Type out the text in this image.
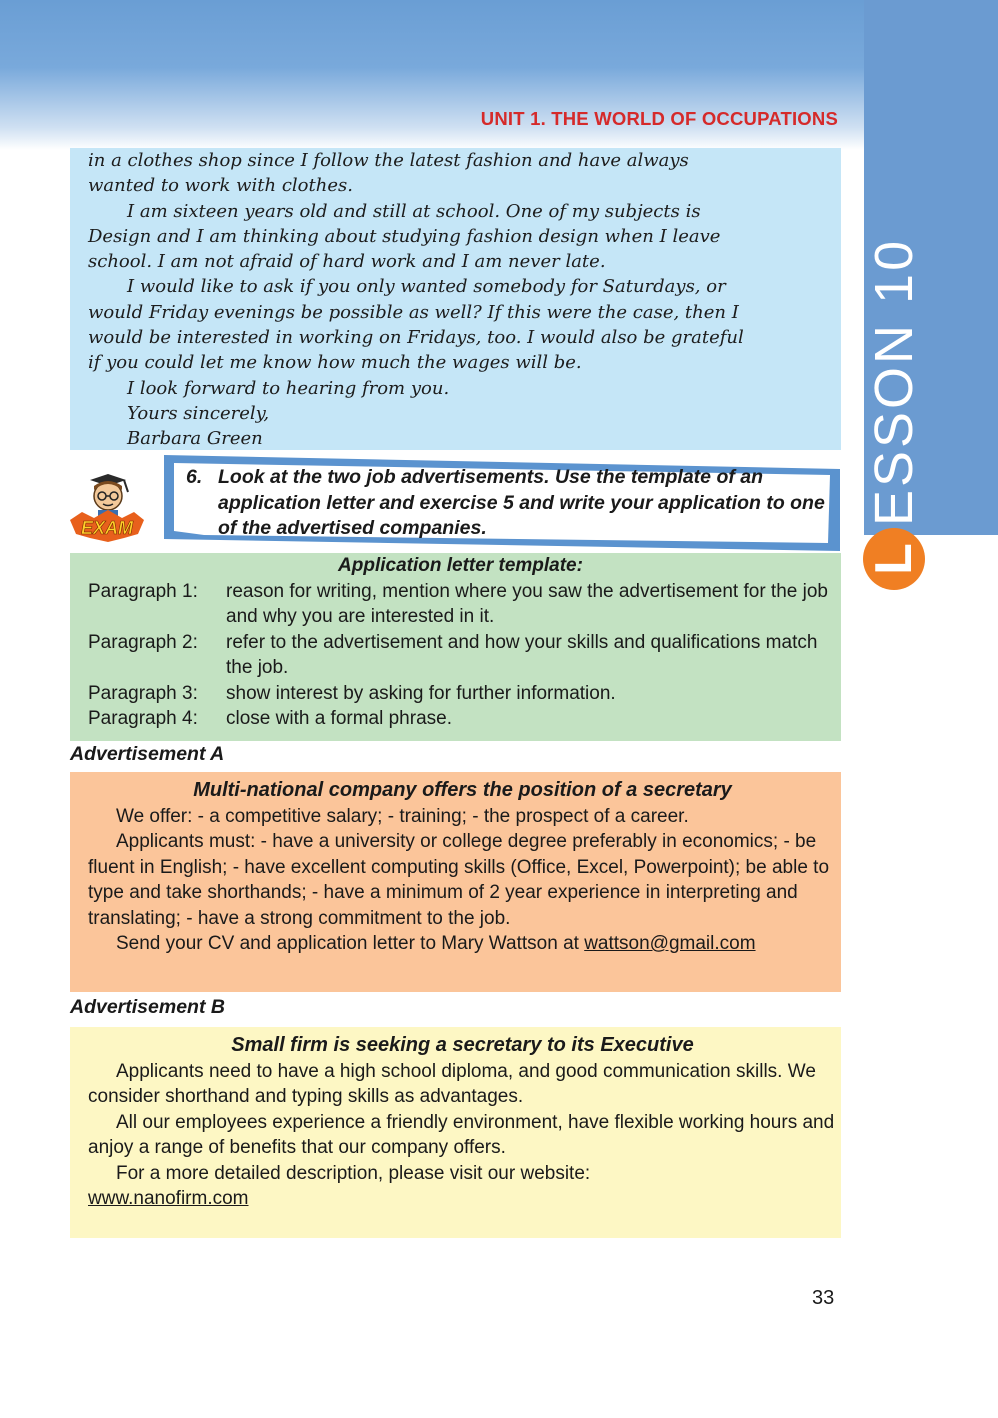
UNIT 1. THE WORLD OF OCCUPATIONS
LESSON 10

in a clothes shop since I follow the latest fashion and have always

wanted to work with clothes.

I am sixteen years old and still at school. One of my subjects is

Design and I am thinking about studying fashion design when I leave

school. I am not afraid of hard work and I am never late.

I would like to ask if you only wanted somebody for Saturdays, or

would Friday evenings be possible as well? If this were the case, then I

would be interested in working on Fridays, too. I would also be grateful

if you could let me know how much the wages will be.

I look forward to hearing from you.

Yours sincerely,

Barbara Green

EXAM
6. Look at the two job advertisements. Use the template of an application letter and exercise 5 and write your application to one of the advertised companies.
Application letter template:
Paragraph 1:	reason for writing, mention where you saw the advertisement for the job and why you are interested in it.
Paragraph 2:	refer to the advertisement and how your skills and qualifications match the job.
Paragraph 3:	show interest by asking for further information.
Paragraph 4:	close with a formal phrase.
Advertisement A
Multi-national company offers the position of a secretary

We offer: - a competitive salary; - training; - the prospect of a career.

Applicants must: - have a university or college degree preferably in economics; - be fluent in English; - have excellent computing skills (Office, Excel, Powerpoint); be able to type and take shorthands; - have a minimum of 2 year experience in interpreting and translating; - have a strong commitment to the job.

Send your CV and application letter to Mary Wattson at wattson@gmail.com

Advertisement B
Small firm is seeking a secretary to its Executive

Applicants need to have a high school diploma, and good communication skills. We consider shorthand and typing skills as advantages.

All our employees experience a friendly environment, have flexible working hours and anjoy a range of benefits that our company offers.

For a more detailed description, please visit our website:

www.nanofirm.com

33
